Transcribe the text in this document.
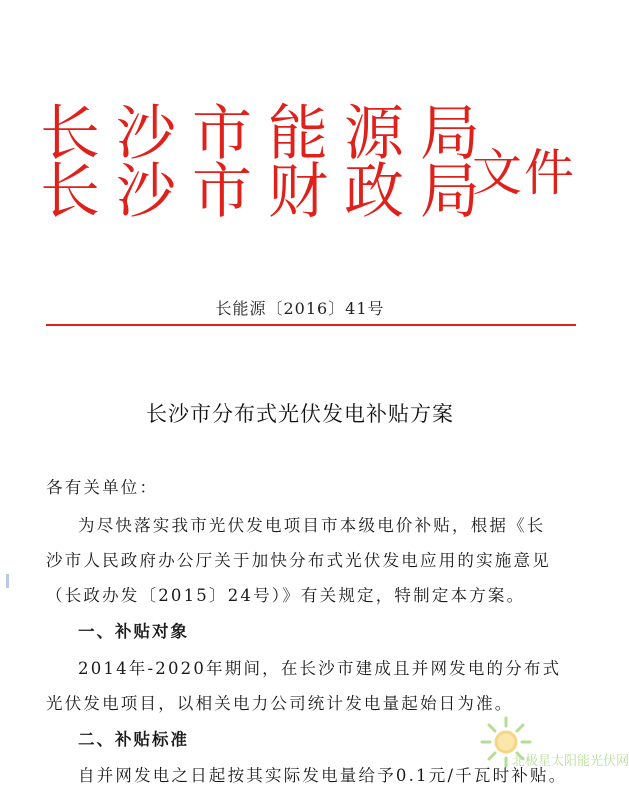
长沙市能源局
长沙市财政局
文件
长能源〔2016〕41号
长沙市分布式光伏发电补贴方案
各有关单位：
为尽快落实我市光伏发电项目市本级电价补贴，根据《长
沙市人民政府办公厅关于加快分布式光伏发电应用的实施意见
（长政办发〔2015〕24号）》有关规定，特制定本方案。
一、补贴对象
2014年-2020年期间，在长沙市建成且并网发电的分布式
光伏发电项目，以相关电力公司统计发电量起始日为准。
二、补贴标准
自并网发电之日起按其实际发电量给予0.1元/千瓦时补贴。
北极星太阳能光伏网
